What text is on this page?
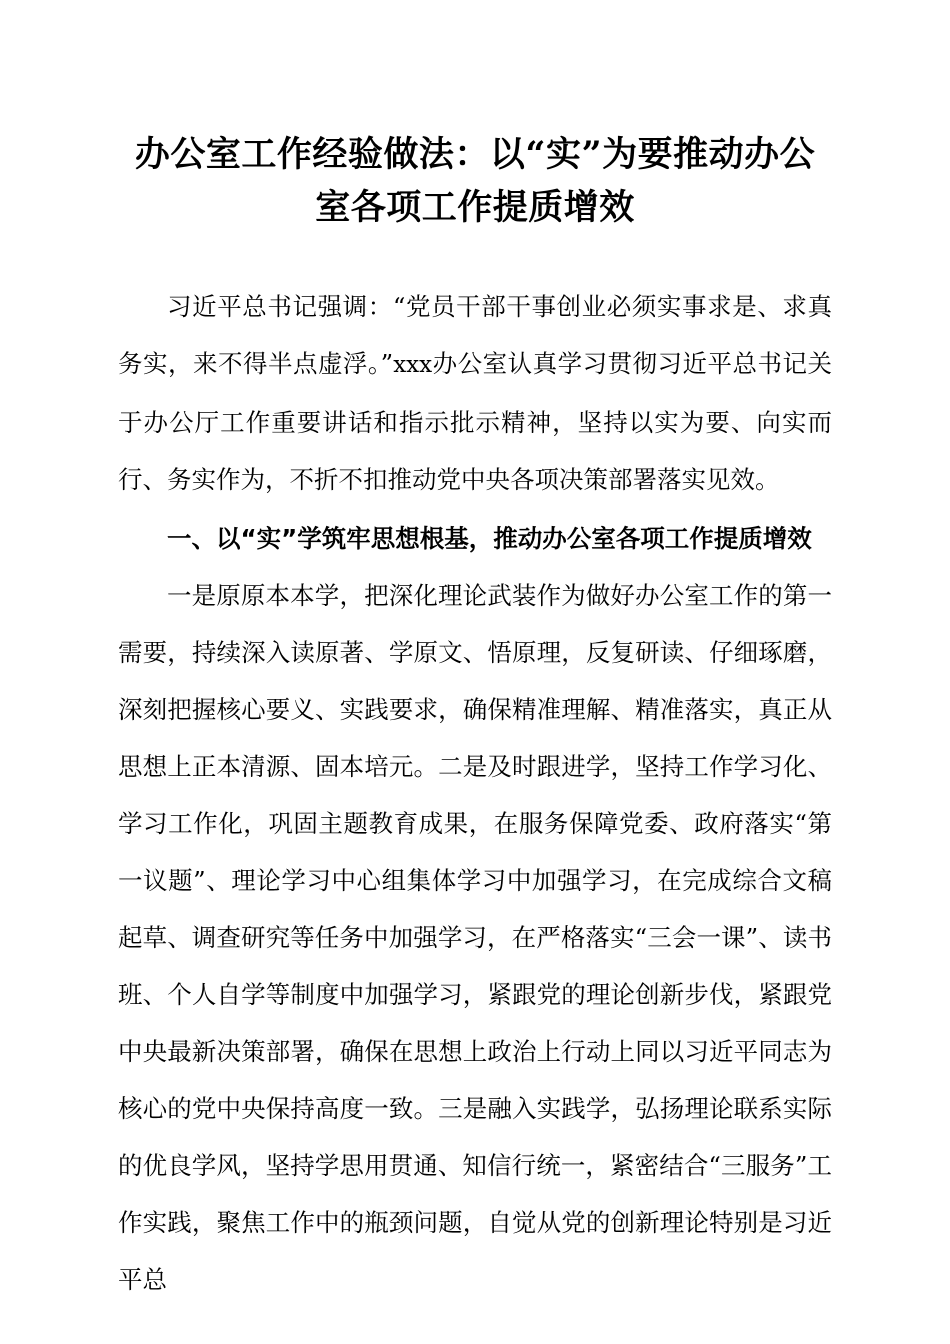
办公室工作经验做法：以“实”为要推动办公室各项工作提质增效

习近平总书记强调：“党员干部干事创业必须实事求是、求真务实，来不得半点虚浮。”xxx办公室认真学习贯彻习近平总书记关于办公厅工作重要讲话和指示批示精神，坚持以实为要、向实而行、务实作为，不折不扣推动党中央各项决策部署落实见效。

一、以“实”学筑牢思想根基，推动办公室各项工作提质增效

一是原原本本学，把深化理论武装作为做好办公室工作的第一需要，持续深入读原著、学原文、悟原理，反复研读、仔细琢磨，深刻把握核心要义、实践要求，确保精准理解、精准落实，真正从思想上正本清源、固本培元。二是及时跟进学，坚持工作学习化、学习工作化，巩固主题教育成果，在服务保障党委、政府落实“第一议题”、理论学习中心组集体学习中加强学习，在完成综合文稿起草、调查研究等任务中加强学习，在严格落实“三会一课”、读书班、个人自学等制度中加强学习，紧跟党的理论创新步伐，紧跟党中央最新决策部署，确保在思想上政治上行动上同以习近平同志为核心的党中央保持高度一致。三是融入实践学，弘扬理论联系实际的优良学风，坚持学思用贯通、知信行统一，紧密结合“三服务”工作实践，聚焦工作中的瓶颈问题，自觉从党的创新理论特别是习近平总
